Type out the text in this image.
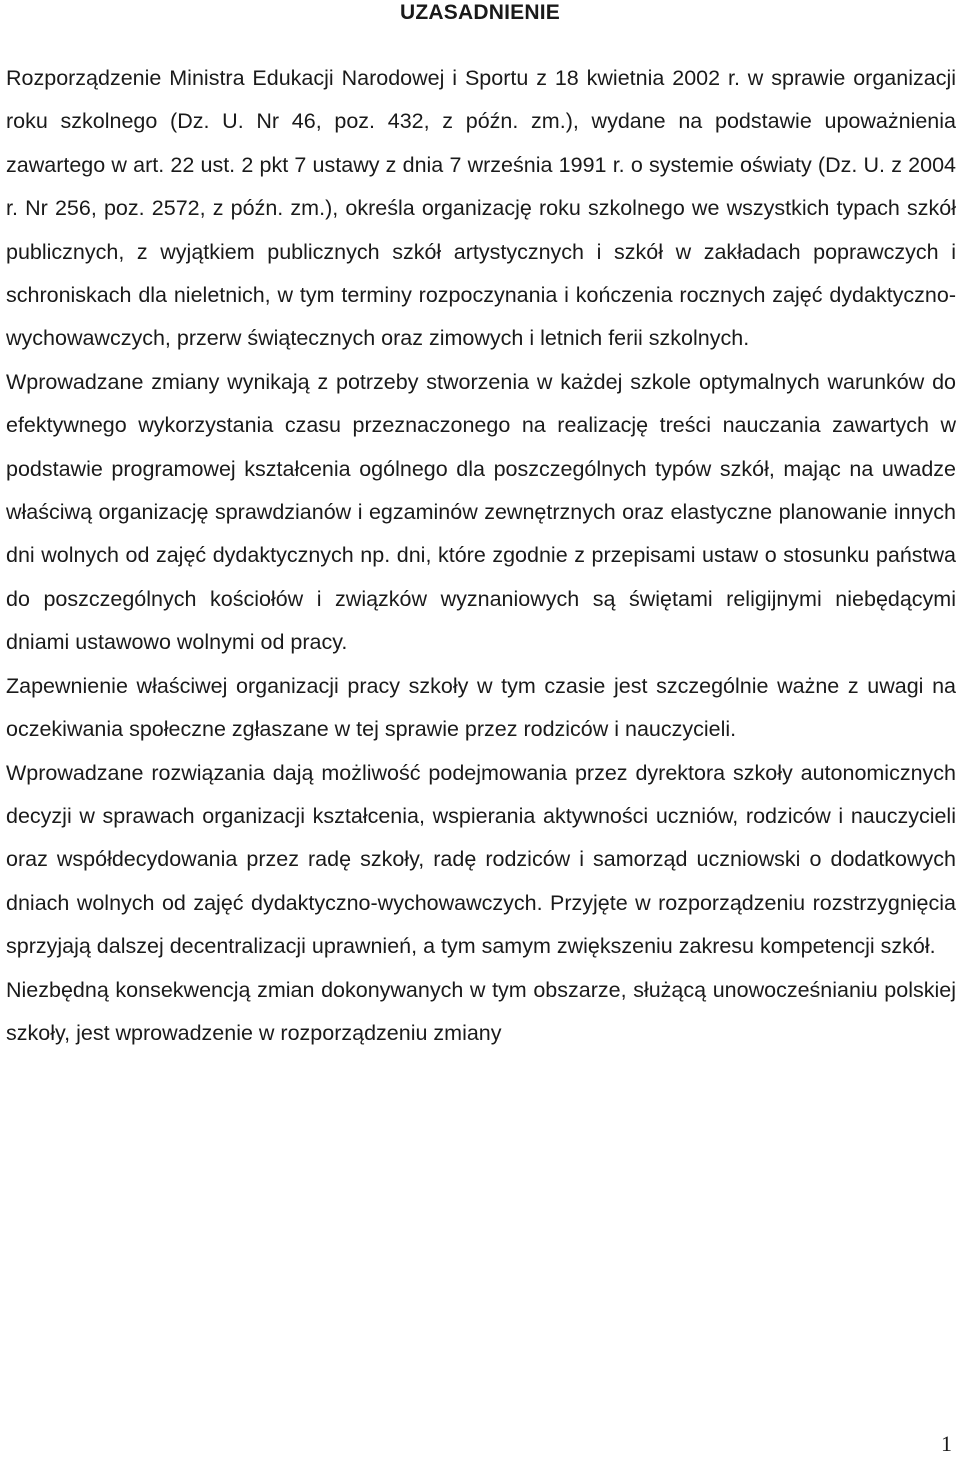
UZASADNIENIE

Rozporządzenie Ministra Edukacji Narodowej i Sportu z 18 kwietnia 2002 r. w sprawie organizacji roku szkolnego (Dz. U. Nr 46, poz. 432, z późn. zm.), wydane na podstawie upoważnienia zawartego w art. 22 ust. 2 pkt 7 ustawy z dnia 7 września 1991 r. o systemie oświaty (Dz. U. z 2004 r. Nr 256, poz. 2572, z późn. zm.), określa organizację roku szkolnego we wszystkich typach szkół publicznych, z wyjątkiem publicznych szkół artystycznych i szkół w zakładach poprawczych i schroniskach dla nieletnich, w tym terminy rozpoczynania i kończenia rocznych zajęć dydaktyczno-wychowawczych, przerw świątecznych oraz zimowych i letnich ferii szkolnych.

Wprowadzane zmiany wynikają z potrzeby stworzenia w każdej szkole optymalnych warunków do efektywnego wykorzystania czasu przeznaczonego na realizację treści nauczania zawartych w podstawie programowej kształcenia ogólnego dla poszczególnych typów szkół, mając na uwadze właściwą organizację sprawdzianów i egzaminów zewnętrznych oraz elastyczne planowanie innych dni wolnych od zajęć dydaktycznych np. dni, które zgodnie z przepisami ustaw o stosunku państwa do poszczególnych kościołów i związków wyznaniowych są świętami religijnymi niebędącymi dniami ustawowo wolnymi od pracy.

Zapewnienie właściwej organizacji pracy szkoły w tym czasie jest szczególnie ważne z uwagi na oczekiwania społeczne zgłaszane w tej sprawie przez rodziców i nauczycieli.

Wprowadzane rozwiązania dają możliwość podejmowania przez dyrektora szkoły autonomicznych decyzji w sprawach organizacji kształcenia, wspierania aktywności uczniów, rodziców i nauczycieli oraz współdecydowania przez radę szkoły, radę rodziców i samorząd uczniowski o dodatkowych dniach wolnych od zajęć dydaktyczno-wychowawczych. Przyjęte w rozporządzeniu rozstrzygnięcia sprzyjają dalszej decentralizacji uprawnień, a tym samym zwiększeniu zakresu kompetencji szkół.

Niezbędną konsekwencją zmian dokonywanych w tym obszarze, służącą unowocześnianiu polskiej szkoły, jest wprowadzenie w rozporządzeniu zmiany

1
